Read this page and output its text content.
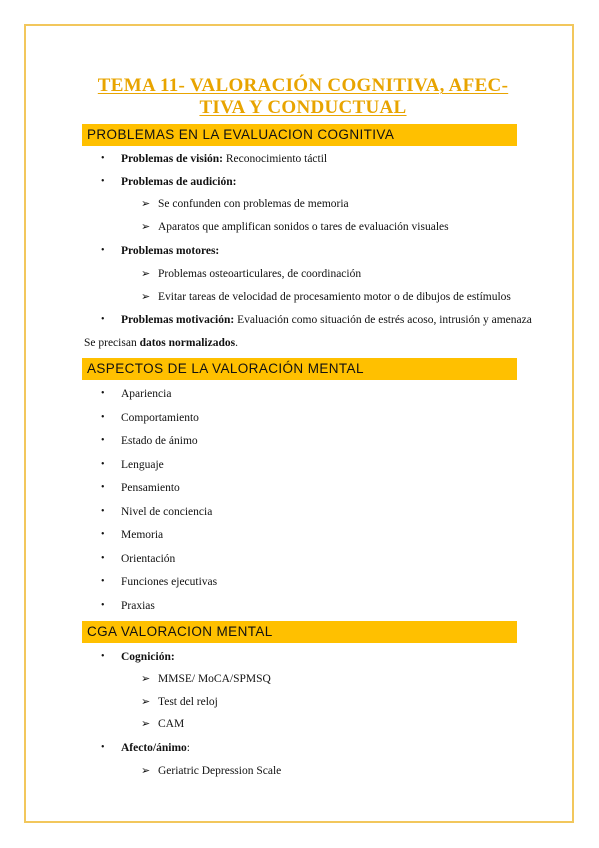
TEMA 11- VALORACIÓN COGNITIVA, AFEC-
TIVA Y CONDUCTUAL
PROBLEMAS EN LA EVALUACION COGNITIVA
• Problemas de visión: Reconocimiento táctil
• Problemas de audición:
➢ Se confunden con problemas de memoria
➢ Aparatos que amplifican sonidos o tares de evaluación visuales
• Problemas motores:
➢ Problemas osteoarticulares, de coordinación
➢ Evitar tareas de velocidad de procesamiento motor o de dibujos de estímulos
• Problemas motivación: Evaluación como situación de estrés acoso, intrusión y amenaza
Se precisan datos normalizados.
ASPECTOS DE LA VALORACIÓN MENTAL
• Apariencia
• Comportamiento
• Estado de ánimo
• Lenguaje
• Pensamiento
• Nivel de conciencia
• Memoria
• Orientación
• Funciones ejecutivas
• Praxias
CGA VALORACION MENTAL
• Cognición:
➢ MMSE/ MoCA/SPMSQ
➢ Test del reloj
➢ CAM
• Afecto/ánimo:
➢ Geriatric Depression Scale
